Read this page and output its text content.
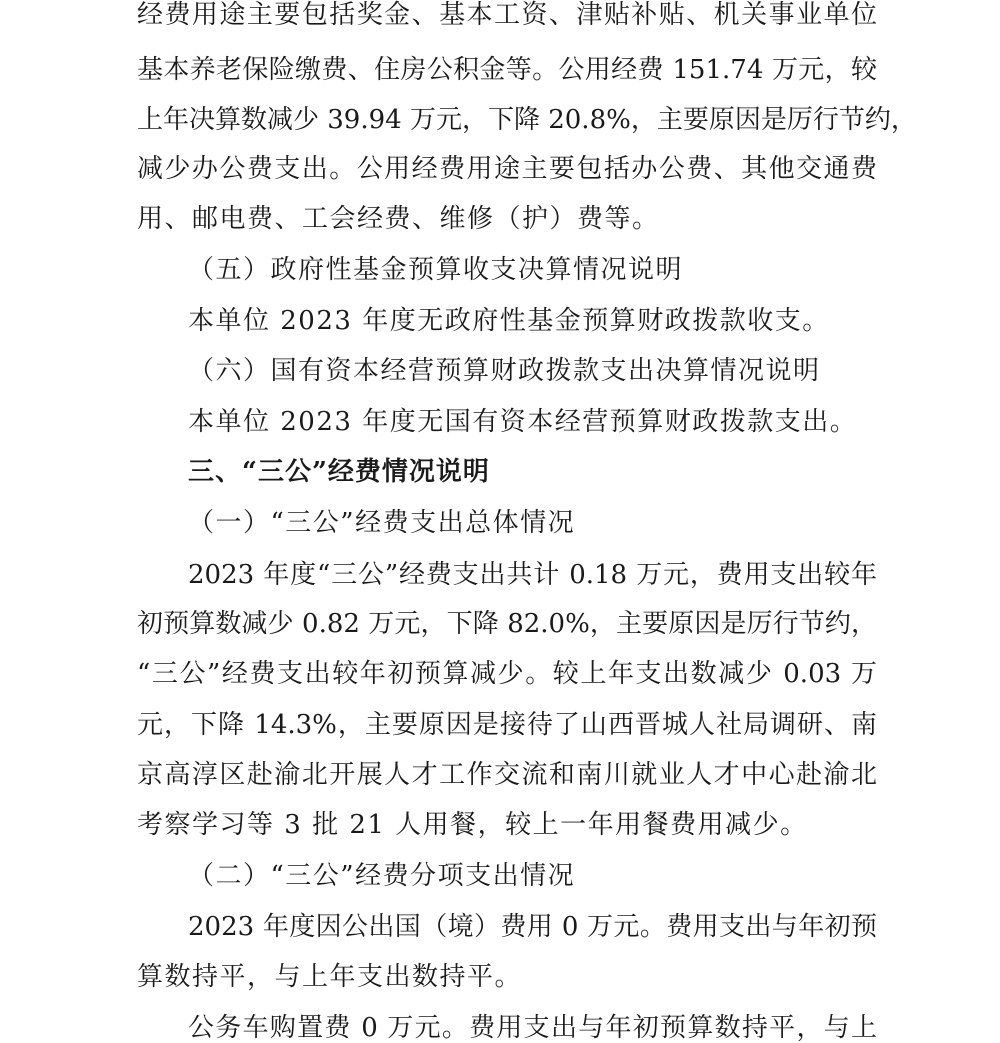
经费用途主要包括奖金、基本工资、津贴补贴、机关事业单位
基本养老保险缴费、住房公积金等。公用经费 151.74 万元，较
上年决算数减少 39.94 万元，下降 20.8%，主要原因是厉行节约，
减少办公费支出。公用经费用途主要包括办公费、其他交通费
用、邮电费、工会经费、维修（护）费等。
（五）政府性基金预算收支决算情况说明
本单位 2023 年度无政府性基金预算财政拨款收支。
（六）国有资本经营预算财政拨款支出决算情况说明
本单位 2023 年度无国有资本经营预算财政拨款支出。
三、“三公”经费情况说明
（一）“三公”经费支出总体情况
2023 年度“三公”经费支出共计 0.18 万元，费用支出较年
初预算数减少 0.82 万元，下降 82.0%，主要原因是厉行节约，
“三公”经费支出较年初预算减少。较上年支出数减少 0.03 万
元，下降 14.3%，主要原因是接待了山西晋城人社局调研、南
京高淳区赴渝北开展人才工作交流和南川就业人才中心赴渝北
考察学习等 3 批 21 人用餐，较上一年用餐费用减少。
（二）“三公”经费分项支出情况
2023 年度因公出国（境）费用 0 万元。费用支出与年初预
算数持平，与上年支出数持平。
公务车购置费 0 万元。费用支出与年初预算数持平，与上
